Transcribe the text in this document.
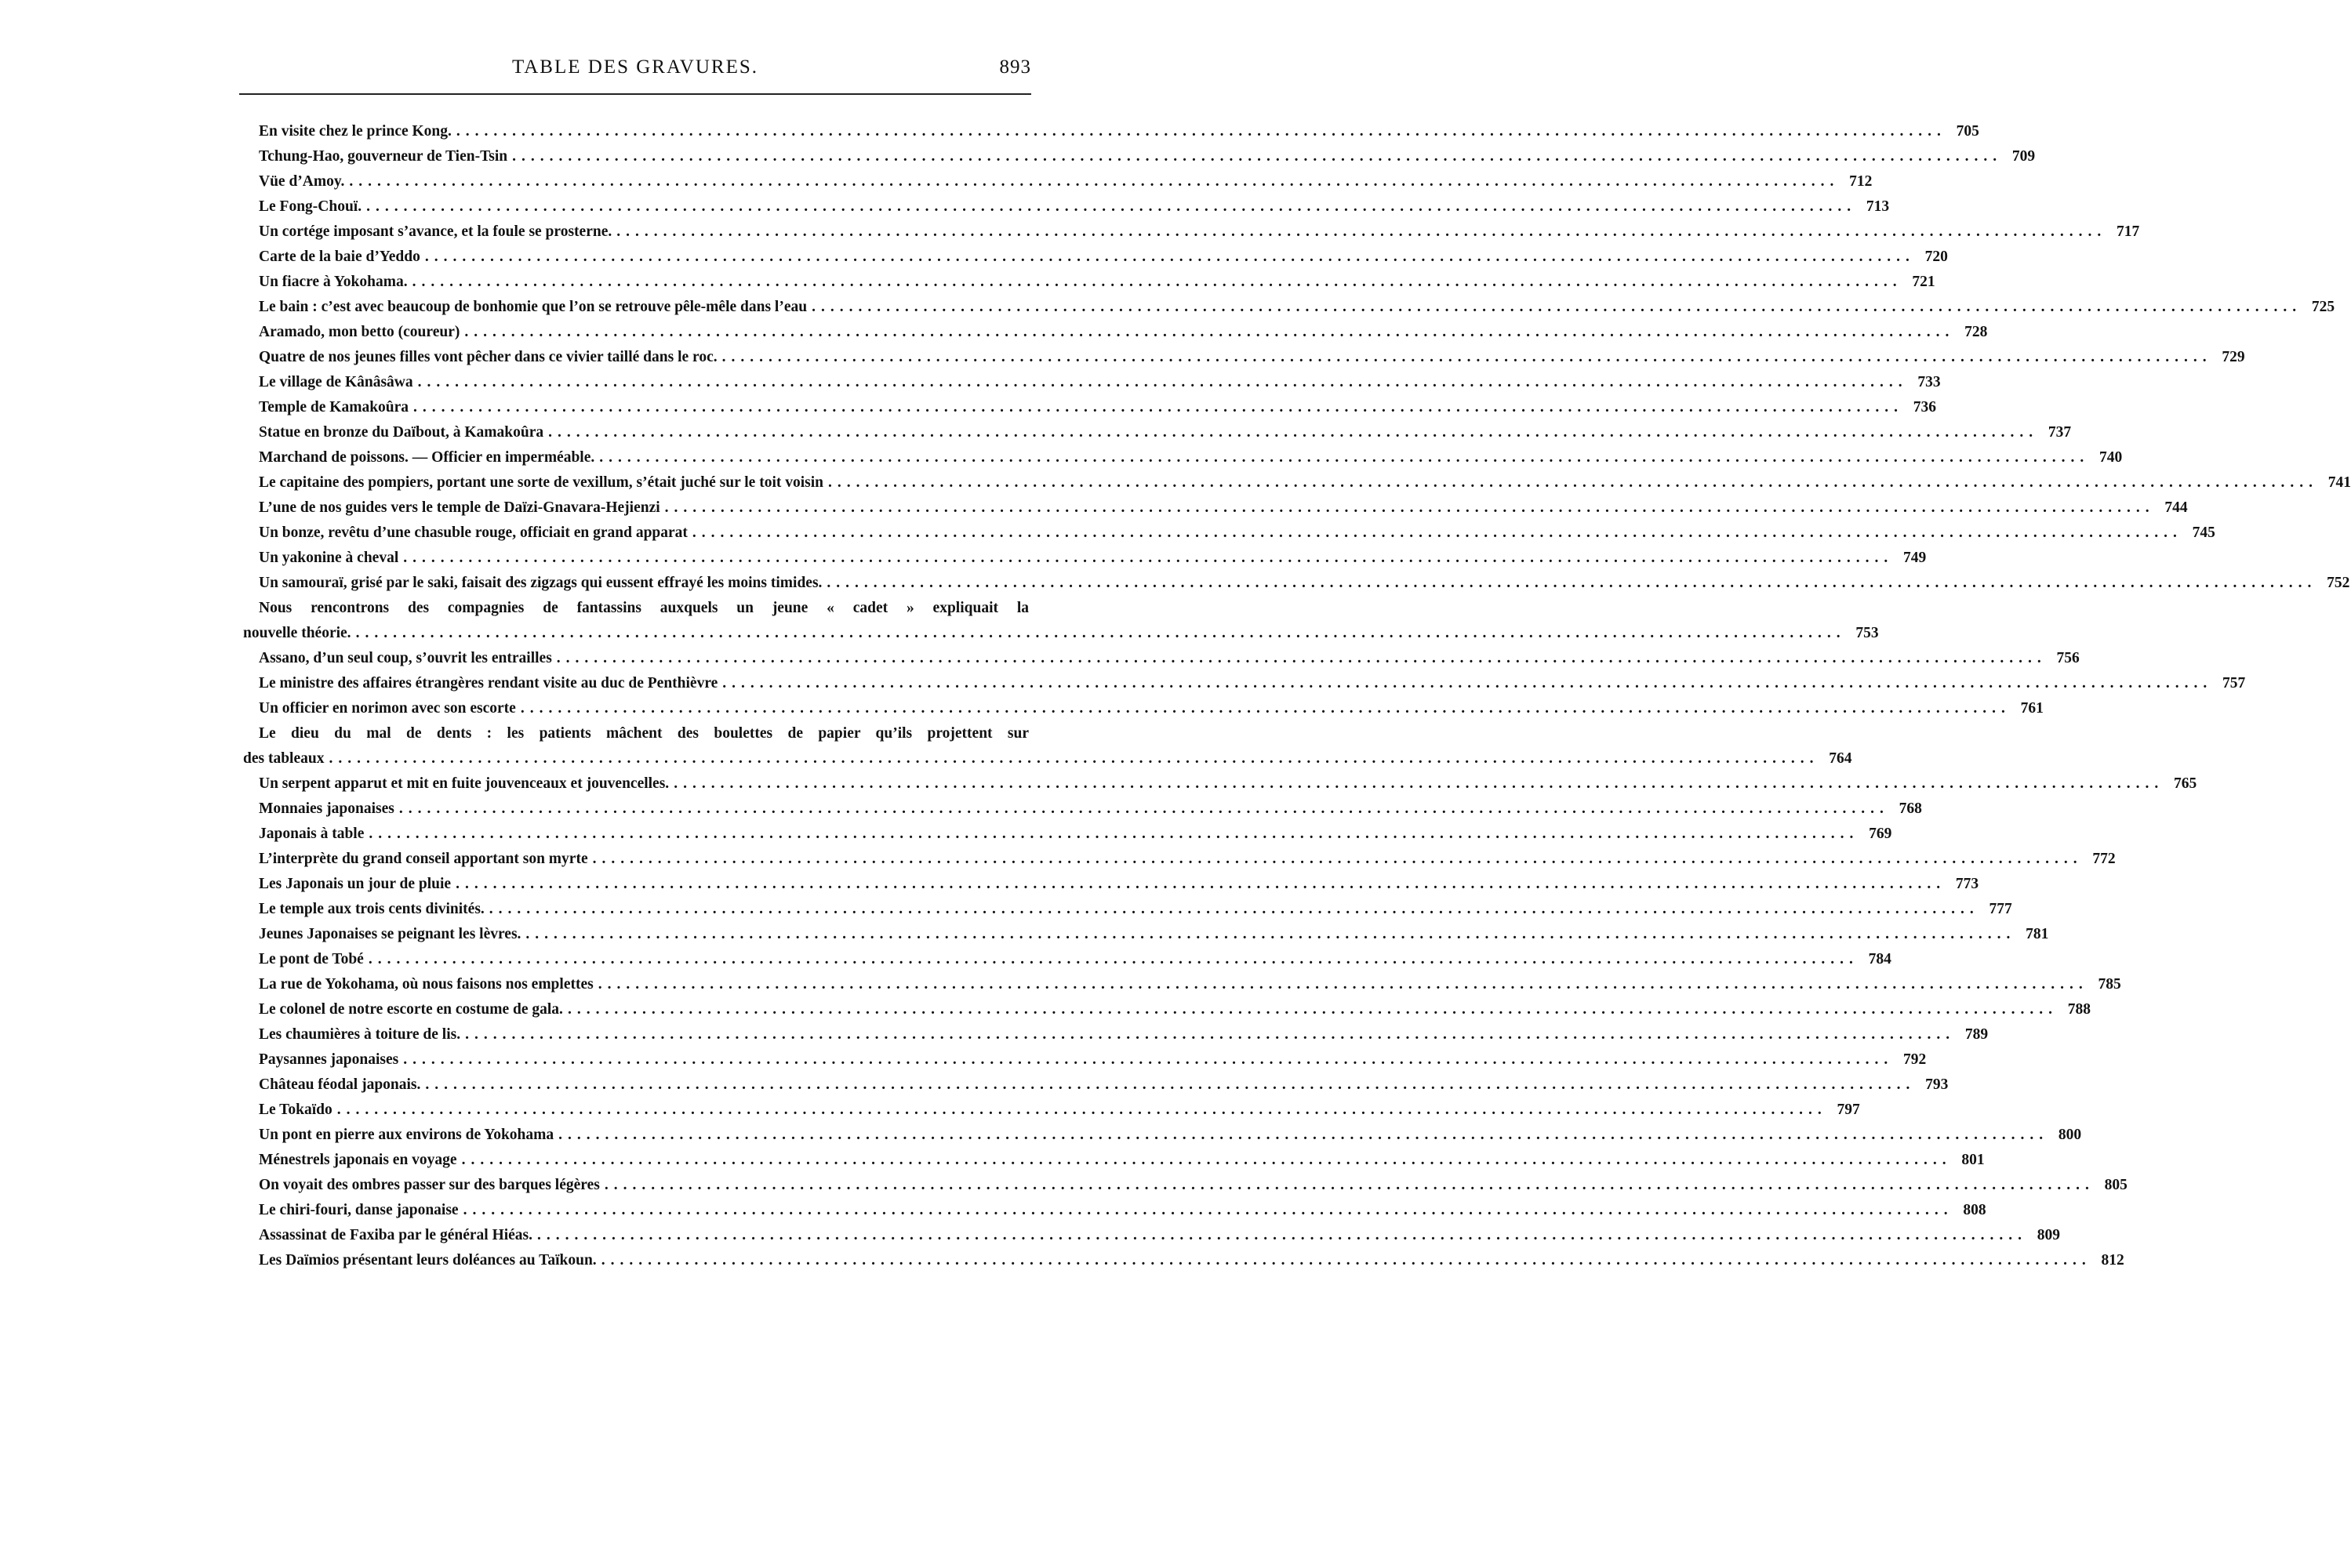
TABLE DES GRAVURES.	893
En visite chez le prince Kong. ................................................................................................................................................................ 705
Tchung-Hao, gouverneur de Tien-Tsin ................................................................................................................................................................ 709
Vüe d’Amoy. ................................................................................................................................................................ 712
Le Fong-Chouï. ................................................................................................................................................................ 713
Un cortége imposant s’avance, et la foule se prosterne. ................................................................................................................................................................ 717
Carte de la baie d’Yeddo ................................................................................................................................................................ 720
Un fiacre à Yokohama. ................................................................................................................................................................ 721
Le bain : c’est avec beaucoup de bonhomie que l’on se retrouve pêle-mêle dans l’eau ................................................................................................................................................................ 725
Aramado, mon betto (coureur) ................................................................................................................................................................ 728
Quatre de nos jeunes filles vont pêcher dans ce vivier taillé dans le roc. ................................................................................................................................................................ 729
Le village de Kânâsâwa ................................................................................................................................................................ 733
Temple de Kamakoûra ................................................................................................................................................................ 736
Statue en bronze du Daïbout, à Kamakoûra ................................................................................................................................................................ 737
Marchand de poissons. — Officier en imperméable. ................................................................................................................................................................ 740
Le capitaine des pompiers, portant une sorte de vexillum, s’était juché sur le toit voisin ................................................................................................................................................................ 741
L’une de nos guides vers le temple de Daïzi-Gnavara-Hejienzi ................................................................................................................................................................ 744
Un bonze, revêtu d’une chasuble rouge, officiait en grand apparat ................................................................................................................................................................ 745
Un yakonine à cheval ................................................................................................................................................................ 749
Un samouraï, grisé par le saki, faisait des zigzags qui eussent effrayé les moins timides. ................................................................................................................................................................ 752
Nous rencontrons des compagnies de fantassins auxquels un jeune « cadet » expliquait la
nouvelle théorie. ................................................................................................................................................................ 753
Assano, d’un seul coup, s’ouvrit les entrailles ................................................................................................................................................................ 756
Le ministre des affaires étrangères rendant visite au duc de Penthièvre ................................................................................................................................................................ 757
Un officier en norimon avec son escorte ................................................................................................................................................................ 761
Le dieu du mal de dents : les patients mâchent des boulettes de papier qu’ils projettent sur
des tableaux ................................................................................................................................................................ 764
Un serpent apparut et mit en fuite jouvenceaux et jouvencelles. ................................................................................................................................................................ 765
Monnaies japonaises ................................................................................................................................................................ 768
Japonais à table ................................................................................................................................................................ 769
L’interprète du grand conseil apportant son myrte ................................................................................................................................................................ 772
Les Japonais un jour de pluie ................................................................................................................................................................ 773
Le temple aux trois cents divinités. ................................................................................................................................................................ 777
Jeunes Japonaises se peignant les lèvres. ................................................................................................................................................................ 781
Le pont de Tobé ................................................................................................................................................................ 784
La rue de Yokohama, où nous faisons nos emplettes ................................................................................................................................................................ 785
Le colonel de notre escorte en costume de gala. ................................................................................................................................................................ 788
Les chaumières à toiture de lis. ................................................................................................................................................................ 789
Paysannes japonaises ................................................................................................................................................................ 792
Château féodal japonais. ................................................................................................................................................................ 793
Le Tokaïdo ................................................................................................................................................................ 797
Un pont en pierre aux environs de Yokohama ................................................................................................................................................................ 800
Ménestrels japonais en voyage ................................................................................................................................................................ 801
On voyait des ombres passer sur des barques légères ................................................................................................................................................................ 805
Le chiri-fouri, danse japonaise ................................................................................................................................................................ 808
Assassinat de Faxiba par le général Hiéas. ................................................................................................................................................................ 809
Les Daïmios présentant leurs doléances au Taïkoun. ................................................................................................................................................................ 812
